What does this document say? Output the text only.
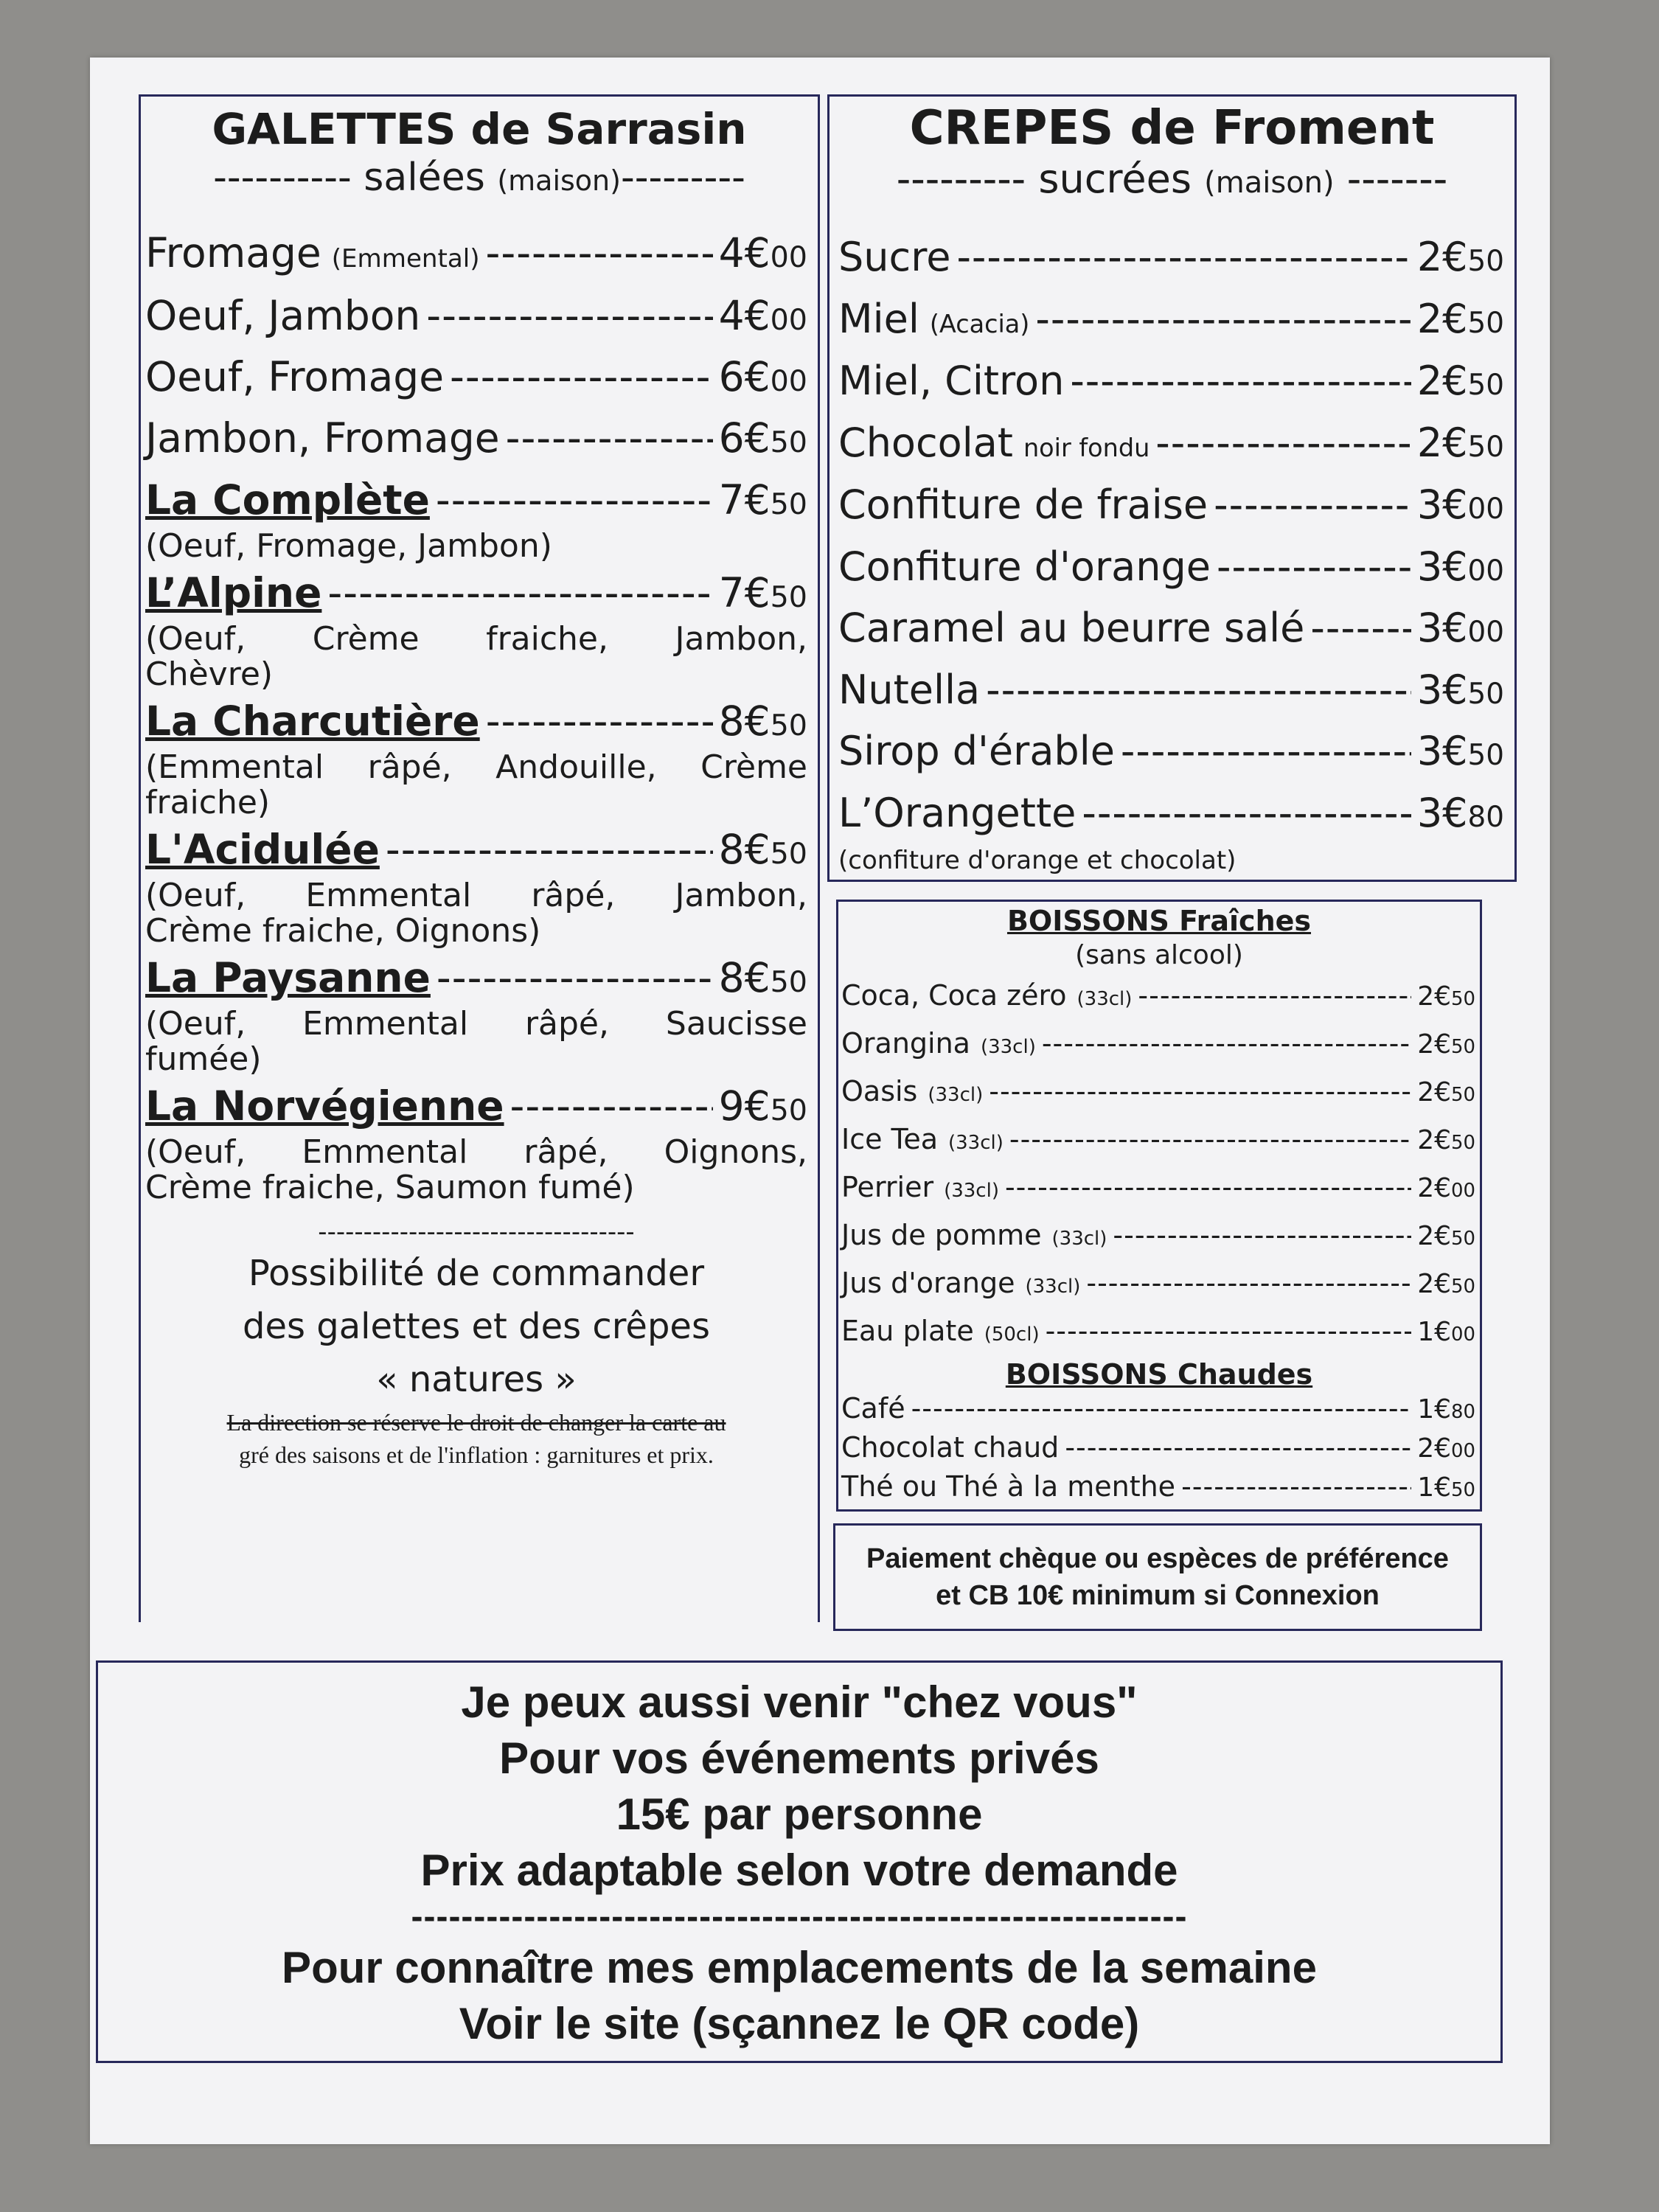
GALETTES de Sarrasin
---------- salées (maison)---------
Fromage (Emmental) -----	4€00
Oeuf, Jambon -----	4€00
Oeuf, Fromage -----	6€00
Jambon, Fromage -----	6€50
La Complète -----	7€50
(Oeuf, Fromage, Jambon)
L’Alpine -----	7€50
(Oeuf, Crème fraiche, Jambon,
Chèvre)
La Charcutière -----	8€50
(Emmental râpé, Andouille, Crème
fraiche)
L'Acidulée -----	8€50
(Oeuf, Emmental râpé, Jambon,
Crème fraiche, Oignons)
La Paysanne -----	8€50
(Oeuf, Emmental râpé, Saucisse
fumée)
La Norvégienne -----	9€50
(Oeuf, Emmental râpé, Oignons,
Crème fraiche, Saumon fumé)
-----------------------------------
Possibilité de commander
des galettes et des crêpes
« natures »
La direction se réserve le droit de changer la carte au
gré des saisons et de l'inflation : garnitures et prix.
CREPES de Froment
--------- sucrées (maison) -------
Sucre -----	2€50
Miel (Acacia) -----	2€50
Miel, Citron -----	2€50
Chocolat noir fondu -----	2€50
Confiture de fraise -----	3€00
Confiture d'orange -----	3€00
Caramel au beurre salé -----	3€00
Nutella -----	3€50
Sirop d'érable -----	3€50
L’Orangette -----	3€80
(confiture d'orange et chocolat)
BOISSONS Fraîches
(sans alcool)
Coca, Coca zéro (33cl) -----	2€50
Orangina (33cl) -----	2€50
Oasis (33cl) -----	2€50
Ice Tea (33cl) -----	2€50
Perrier (33cl) -----	2€00
Jus de pomme (33cl) -----	2€50
Jus d'orange (33cl) -----	2€50
Eau plate (50cl) -----	1€00
BOISSONS Chaudes
Café -----	1€80
Chocolat chaud -----	2€00
Thé ou Thé à la menthe -----	1€50
Paiement chèque ou espèces de préférence
et CB 10€ minimum si Connexion
Je peux aussi venir "chez vous"
Pour vos événements privés
15€ par personne
Prix adaptable selon votre demande
--------------------------------------------------------------
Pour connaître mes emplacements de la semaine
Voir le site (sçannez le QR code)
